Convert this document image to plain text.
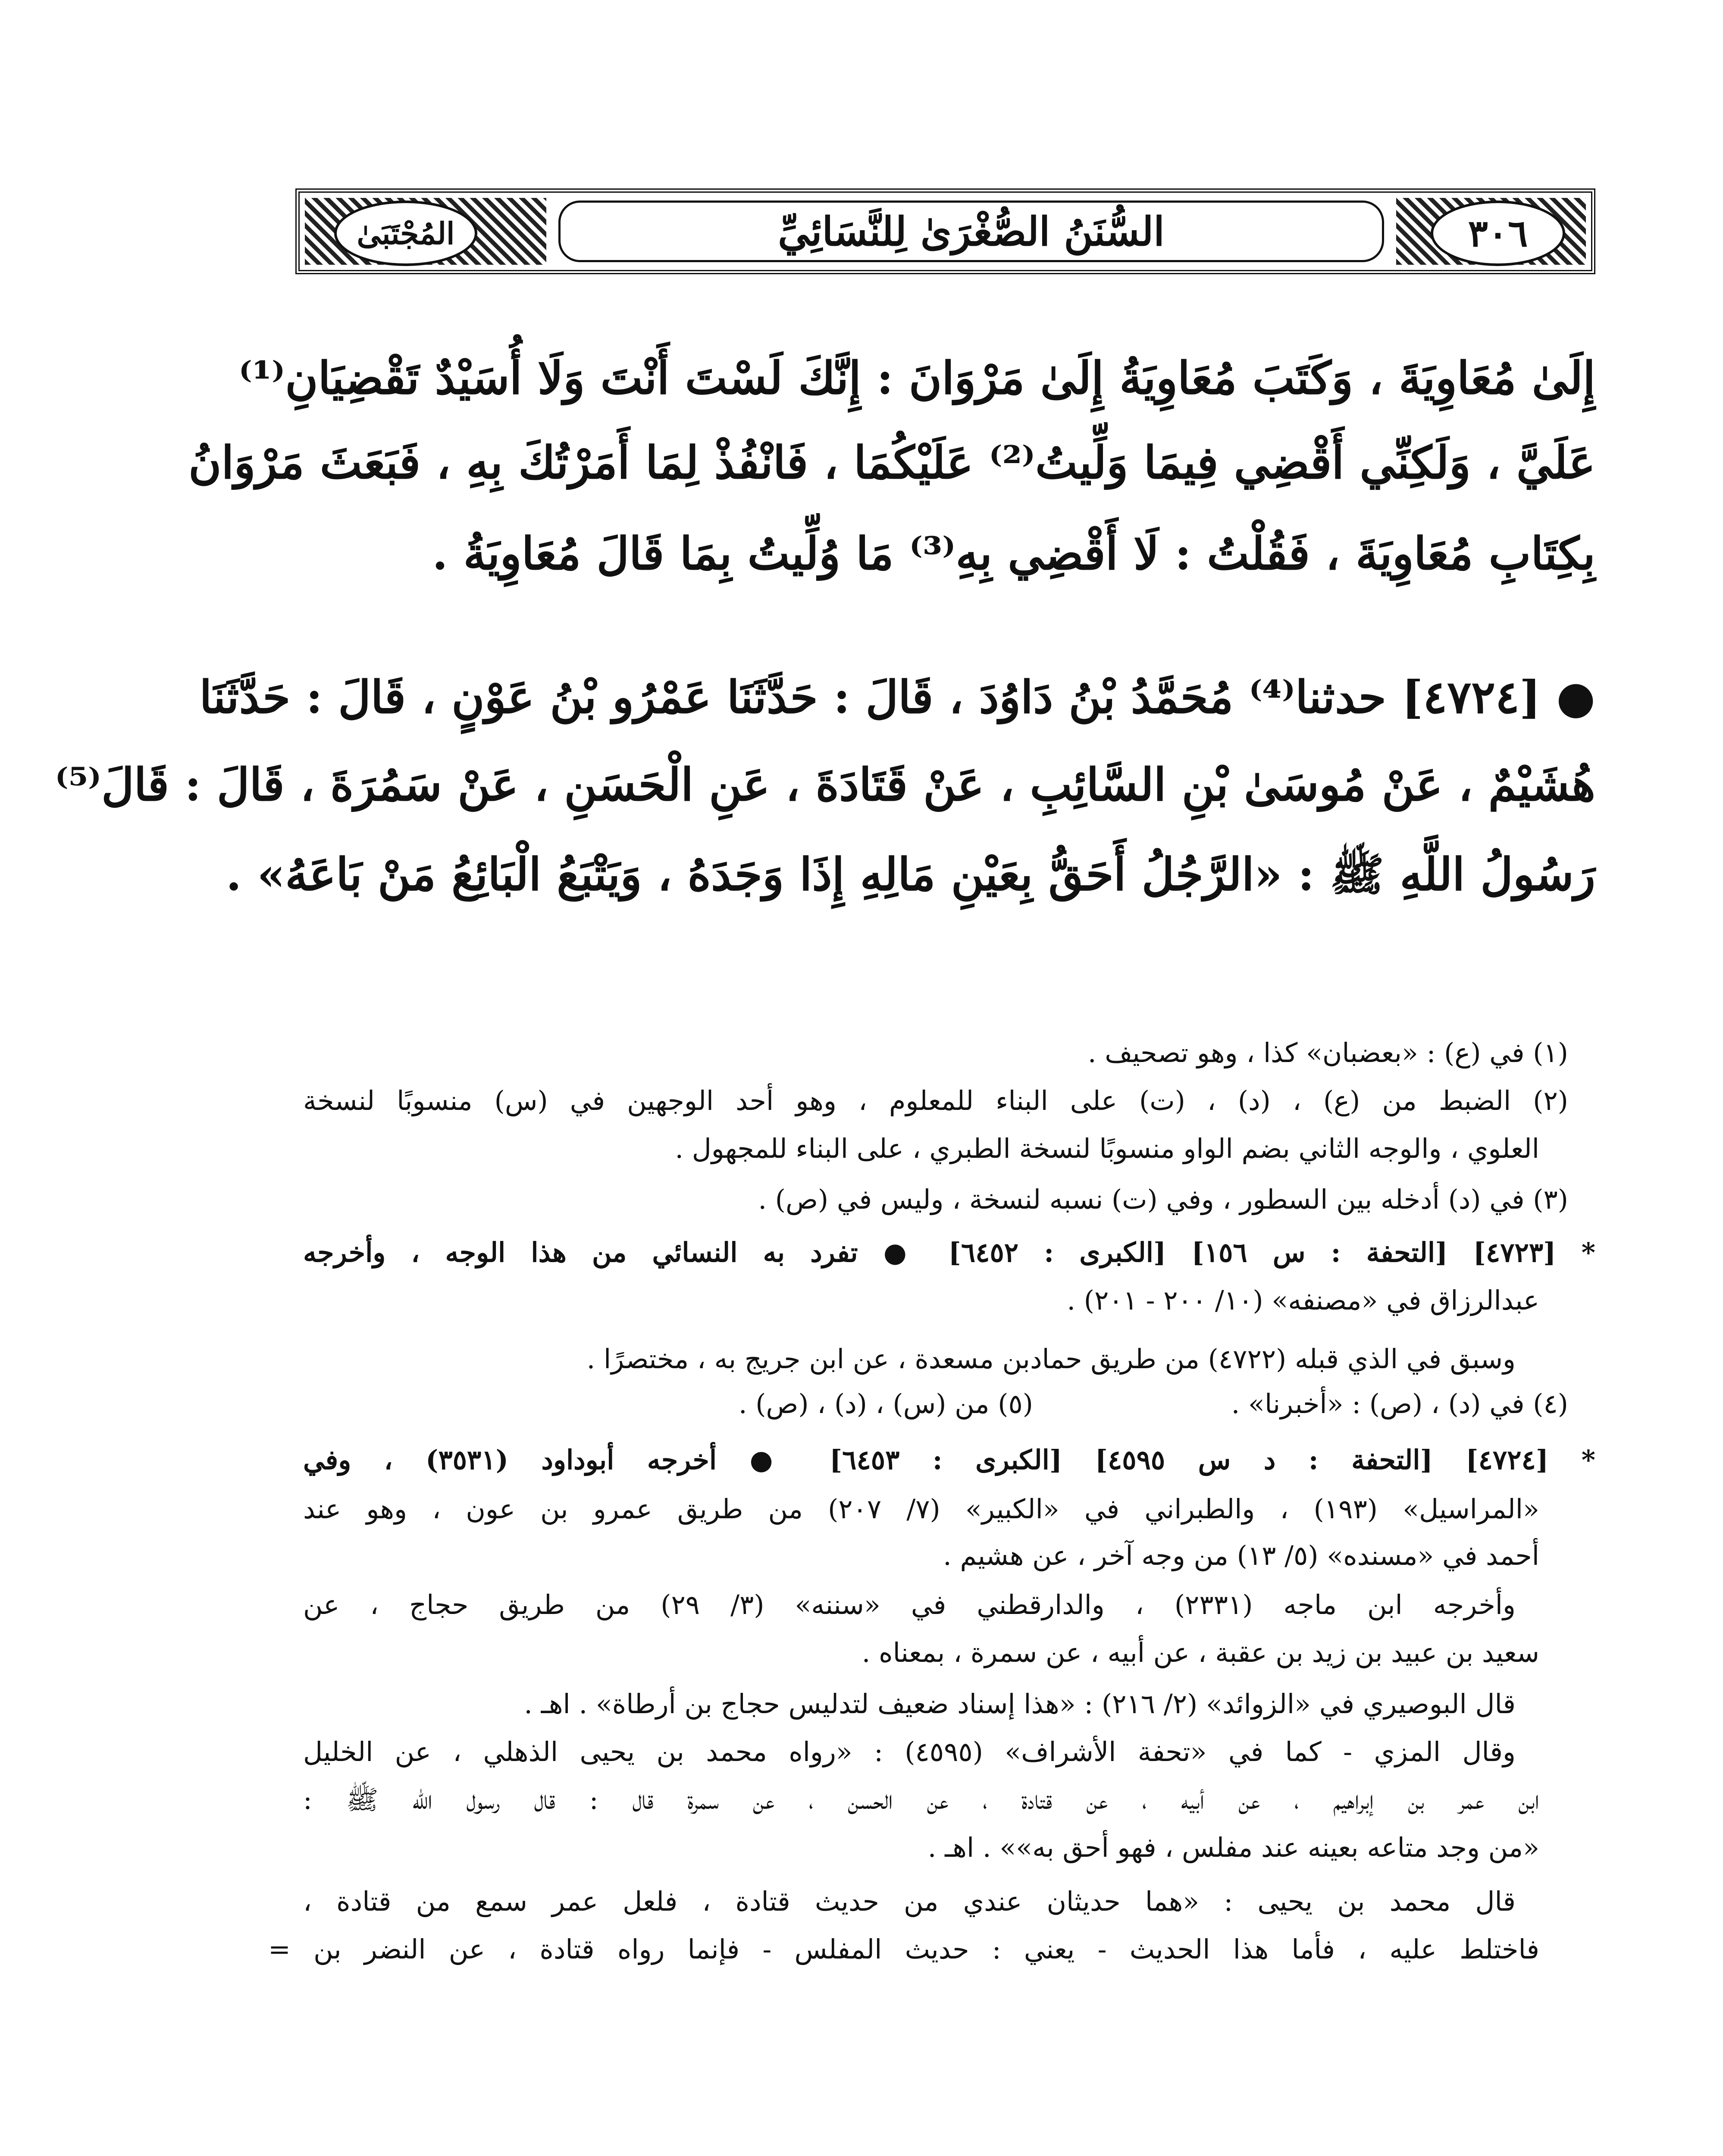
المُجْتَبَىٰ	٣٠٦
السُّنَنُ الصُّغْرَىٰ لِلنَّسَائِيِّ
إِلَىٰ مُعَاوِيَةَ ، وَكَتَبَ مُعَاوِيَةُ إِلَىٰ مَرْوَانَ : إِنَّكَ لَسْتَ أَنْتَ وَلَا أُسَيْدٌ تَقْضِيَانِ⁽¹⁾
عَلَيَّ ، وَلَكِنِّي أَقْضِي فِيمَا وَلِّيتُ⁽²⁾ عَلَيْكُمَا ، فَانْفُذْ لِمَا أَمَرْتُكَ بِهِ ، فَبَعَثَ مَرْوَانُ
بِكِتَابِ مُعَاوِيَةَ ، فَقُلْتُ : لَا أَقْضِي بِهِ⁽³⁾ مَا وُلِّيتُ بِمَا قَالَ مُعَاوِيَةُ .
● [٤٧٢٤] حدثنا⁽⁴⁾ مُحَمَّدُ بْنُ دَاوُدَ ، قَالَ : حَدَّثَنَا عَمْرُو بْنُ عَوْنٍ ، قَالَ : حَدَّثَنَا
هُشَيْمٌ ، عَنْ مُوسَىٰ بْنِ السَّائِبِ ، عَنْ قَتَادَةَ ، عَنِ الْحَسَنِ ، عَنْ سَمُرَةَ ، قَالَ : قَالَ⁽⁵⁾
رَسُولُ اللَّهِ ﷺ : «الرَّجُلُ أَحَقُّ بِعَيْنِ مَالِهِ إِذَا وَجَدَهُ ، وَيَتْبَعُ الْبَائِعُ مَنْ بَاعَهُ» .
(١) في (ع) : «بعضبان» كذا ، وهو تصحيف .
(٢) الضبط من (ع) ، (د) ، (ت) على البناء للمعلوم ، وهو أحد الوجهين في (س) منسوبًا لنسخة
العلوي ، والوجه الثاني بضم الواو منسوبًا لنسخة الطبري ، على البناء للمجهول .
(٣) في (د) أدخله بين السطور ، وفي (ت) نسبه لنسخة ، وليس في (ص) .
* [٤٧٢٣] [التحفة : س ١٥٦] [الكبرى : ٦٤٥٢] ● تفرد به النسائي من هذا الوجه ، وأخرجه
عبدالرزاق في «مصنفه» (١٠/ ٢٠٠ - ٢٠١) .
وسبق في الذي قبله (٤٧٢٢) من طريق حمادبن مسعدة ، عن ابن جريج به ، مختصرًا .
(٤) في (د) ، (ص) : «أخبرنا» .
(٥) من (س) ، (د) ، (ص) .
* [٤٧٢٤] [التحفة : د س ٤٥٩٥] [الكبرى : ٦٤٥٣] ● أخرجه أبوداود (٣٥٣١) ، وفي
«المراسيل» (١٩٣) ، والطبراني في «الكبير» (٧/ ٢٠٧) من طريق عمرو بن عون ، وهو عند
أحمد في «مسنده» (٥/ ١٣) من وجه آخر ، عن هشيم .
وأخرجه ابن ماجه (٢٣٣١) ، والدارقطني في «سننه» (٣/ ٢٩) من طريق حجاج ، عن
سعيد بن عبيد بن زيد بن عقبة ، عن أبيه ، عن سمرة ، بمعناه .
قال البوصيري في «الزوائد» (٢/ ٢١٦) : «هذا إسناد ضعيف لتدليس حجاج بن أرطاة» . اهـ .
وقال المزي - كما في «تحفة الأشراف» (٤٥٩٥) : «رواه محمد بن يحيى الذهلي ، عن الخليل
ابن عمر بن إبراهيم ، عن أبيه ، عن قتادة ، عن الحسن ، عن سمرة قال : قال رسول الله ﷺ :
«من وجد متاعه بعينه عند مفلس ، فهو أحق به»» . اهـ .
قال محمد بن يحيى : «هما حديثان عندي من حديث قتادة ، فلعل عمر سمع من قتادة ،
فاختلط عليه ، فأما هذا الحديث - يعني : حديث المفلس - فإنما رواه قتادة ، عن النضر بن =
